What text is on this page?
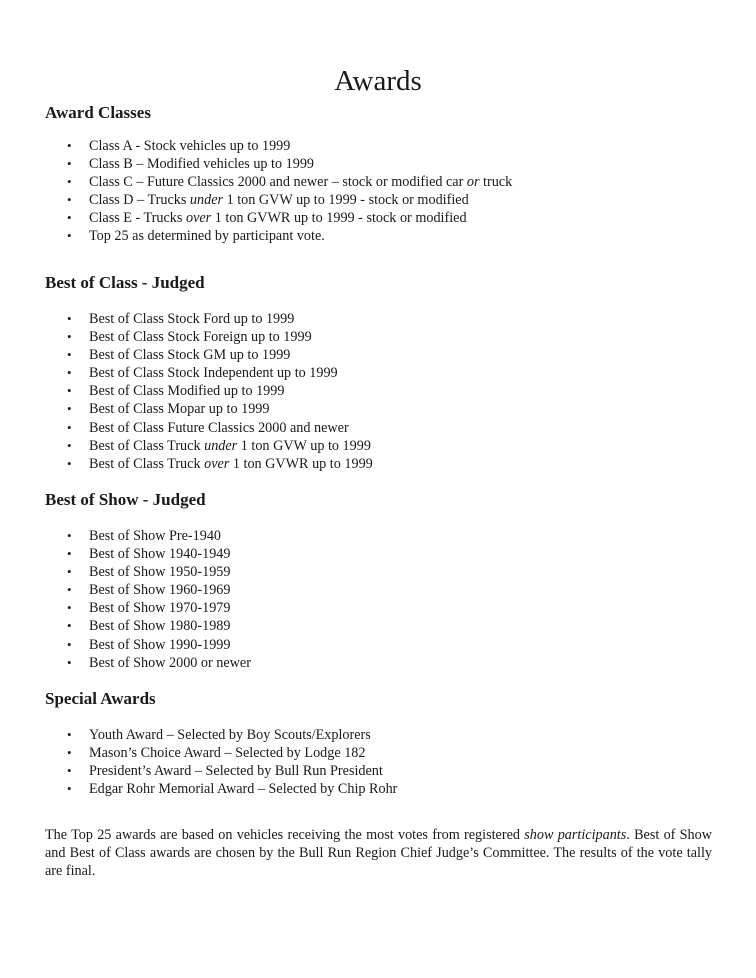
Awards
Award Classes
• Class A - Stock vehicles up to 1999
• Class B – Modified vehicles up to 1999
• Class C – Future Classics 2000 and newer – stock or modified car or truck
• Class D – Trucks under 1 ton GVW up to 1999 - stock or modified
• Class E - Trucks over 1 ton GVWR up to 1999 - stock or modified
• Top 25 as determined by participant vote.
Best of Class - Judged
• Best of Class Stock Ford up to 1999
• Best of Class Stock Foreign up to 1999
• Best of Class Stock GM up to 1999
• Best of Class Stock Independent up to 1999
• Best of Class Modified up to 1999
• Best of Class Mopar up to 1999
• Best of Class Future Classics 2000 and newer
• Best of Class Truck under 1 ton GVW up to 1999
• Best of Class Truck over 1 ton GVWR up to 1999
Best of Show - Judged
• Best of Show Pre-1940
• Best of Show 1940-1949
• Best of Show 1950-1959
• Best of Show 1960-1969
• Best of Show 1970-1979
• Best of Show 1980-1989
• Best of Show 1990-1999
• Best of Show 2000 or newer
Special Awards
• Youth Award – Selected by Boy Scouts/Explorers
• Mason’s Choice Award – Selected by Lodge 182
• President’s Award – Selected by Bull Run President
• Edgar Rohr Memorial Award – Selected by Chip Rohr

The Top 25 awards are based on vehicles receiving the most votes from registered show participants. Best of Show and Best of Class awards are chosen by the Bull Run Region Chief Judge’s Committee. The results of the vote tally are final.
